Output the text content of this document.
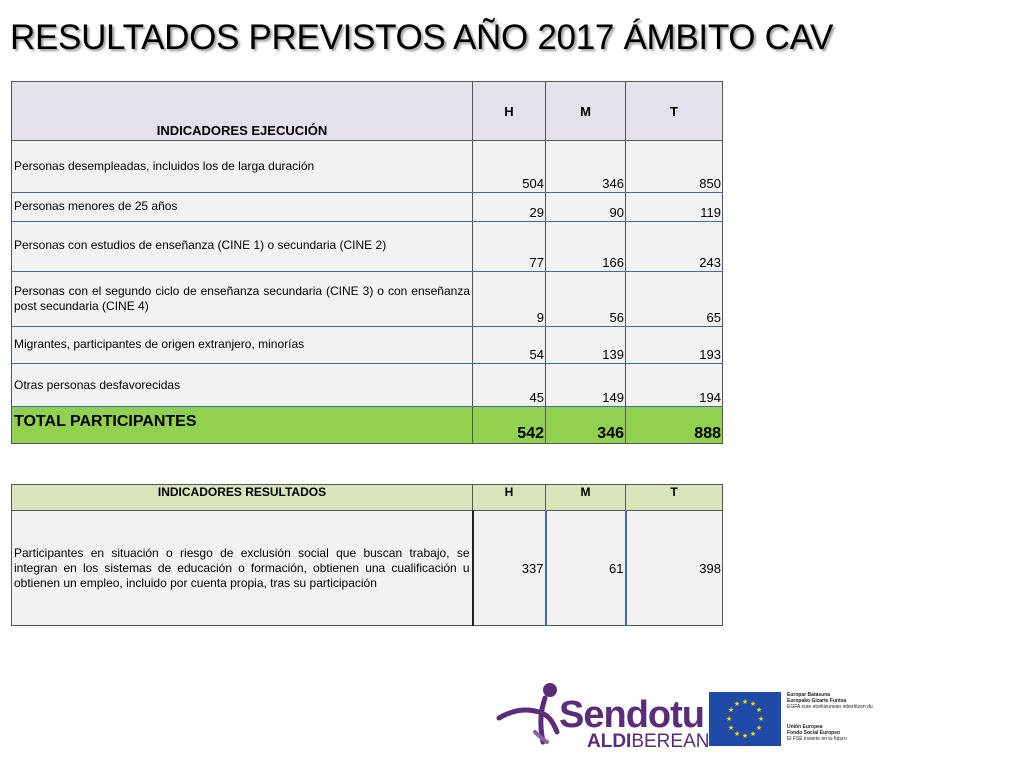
RESULTADOS PREVISTOS AÑO 2017 ÁMBITO CAV
INDICADORES EJECUCIÓN	H	M	T
Personas desempleadas, incluidos los de larga duración	504	346	850
Personas menores de 25 años	29	90	119
Personas con estudios de enseñanza (CINE 1) o secundaria (CINE 2)	77	166	243
Personas con el segundo ciclo de enseñanza secundaria (CINE 3) o con enseñanza post secundaria (CINE 4)	9	56	65
Migrantes, participantes de origen extranjero, minorías	54	139	193
Otras personas desfavorecidas	45	149	194
TOTAL PARTICIPANTES	542	346	888
INDICADORES RESULTADOS	H	M	T
Participantes en situación o riesgo de exclusión social que buscan trabajo, se integran en los sistemas de educación o formación, obtienen una cualificación u obtienen un empleo, incluido por cuenta propia, tras su participación	337	61	398
Sendotu
ALDIBEREAN
★ ★
★
★
★
★
★
★
★
★
★
★
Europar Batasuna
Europako Gizarte Funtsa
EGFA zure etorkizunean inbertitzen du
Unión Europea
Fondo Social Europeo
El FSE invierte en tu futuro
